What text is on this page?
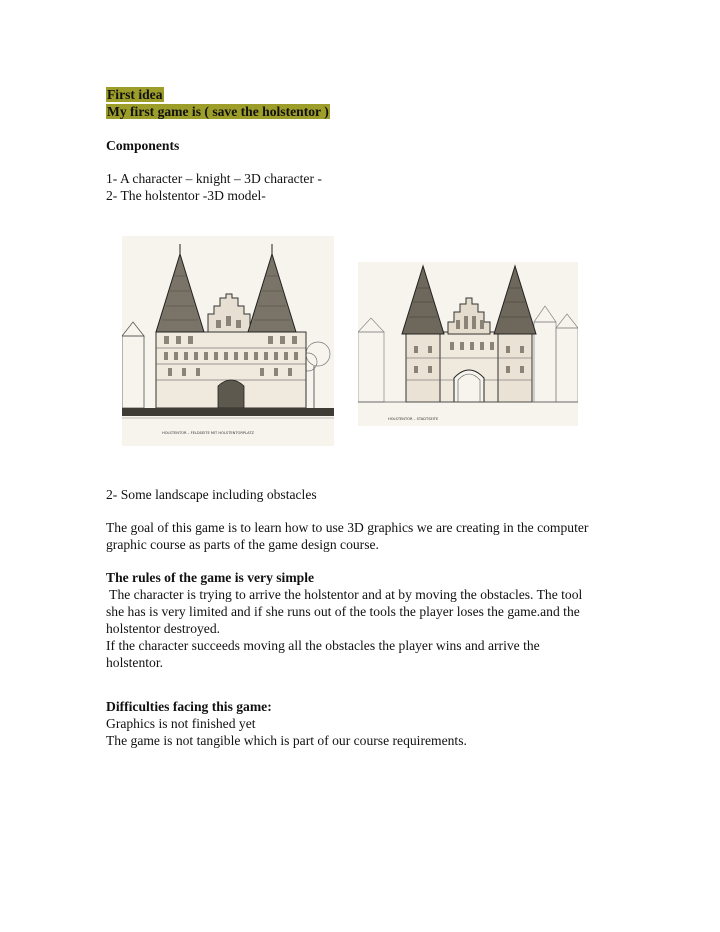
First idea
My first game is ( save the holstentor )
Components
1- A character – knight – 3D character -
2- The holstentor -3D model-
HOLSTENTOR – FELDSEITE MIT HOLSTENTORPLATZ
HOLSTENTOR – STADTSEITE
2- Some landscape including obstacles
The goal of this game is to learn how to use 3D graphics we are creating in the computer
graphic course as parts of the game design course.
The rules of the game is very simple
The character is trying to arrive the holstentor and at by moving the obstacles. The tool
she has is very limited and if she runs out of the tools the player loses the game.and the
holstentor destroyed.
If the character succeeds moving all the obstacles the player wins and arrive the
holstentor.
Difficulties facing this game:
Graphics is not finished yet
The game is not tangible which is part of our course requirements.
